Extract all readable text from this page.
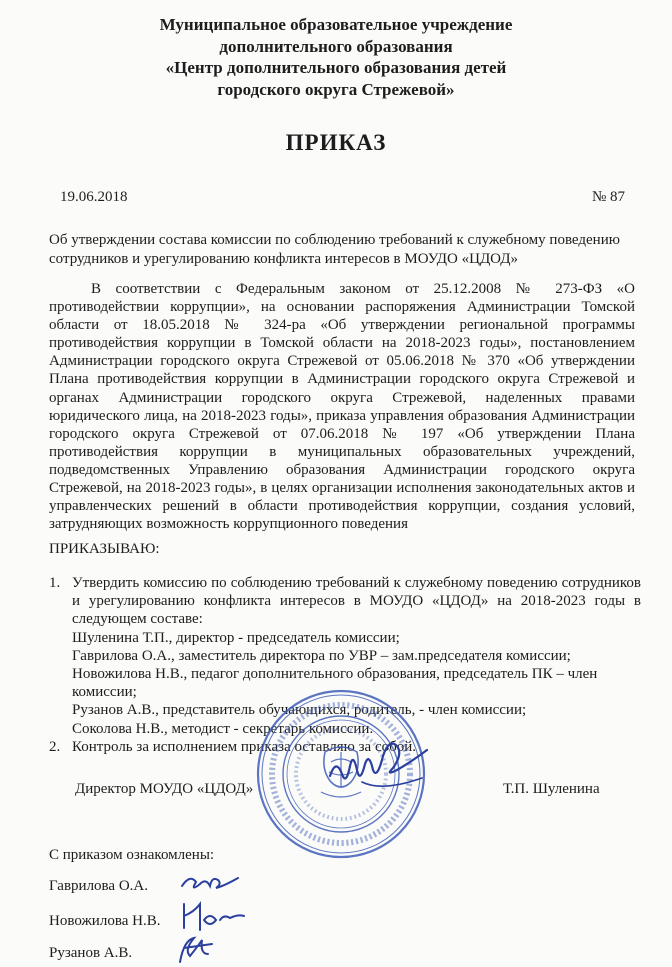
Муниципальное образовательное учреждение
дополнительного образования
«Центр дополнительного образования детей
городского округа Стрежевой»
ПРИКАЗ
19.06.2018	№ 87
Об утверждении состава комиссии по соблюдению требований к служебному поведению сотрудников и урегулированию конфликта интересов в МОУДО «ЦДОД»
В соответствии с Федеральным законом от 25.12.2008 № 273-ФЗ «О противодействии коррупции», на основании распоряжения Администрации Томской области от 18.05.2018 № 324-ра «Об утверждении региональной программы противодействия коррупции в Томской области на 2018-2023 годы», постановлением Администрации городского округа Стрежевой от 05.06.2018 № 370 «Об утверждении Плана противодействия коррупции в Администрации городского округа Стрежевой и органах Администрации городского округа Стрежевой, наделенных правами юридического лица, на 2018-2023 годы», приказа управления образования Администрации городского округа Стрежевой от 07.06.2018 № 197 «Об утверждении Плана противодействия коррупции в муниципальных образовательных учреждений, подведомственных Управлению образования Администрации городского округа Стрежевой, на 2018-2023 годы», в целях организации исполнения законодательных актов и управленческих решений в области противодействия коррупции, создания условий, затрудняющих возможность коррупционного поведения
ПРИКАЗЫВАЮ:
1. Утвердить комиссию по соблюдению требований к служебному поведению сотрудников и урегулированию конфликта интересов в МОУДО «ЦДОД» на 2018-2023 годы в следующем составе:
Шуленина Т.П., директор - председатель комиссии;
Гаврилова О.А., заместитель директора по УВР – зам.председателя комиссии;
Новожилова Н.В., педагог дополнительного образования, председатель ПК – член комиссии;
Рузанов А.В., представитель обучающихся, родитель, - член комиссии;
Соколова Н.В., методист - секретарь комиссии.
2. Контроль за исполнением приказа оставляю за собой.
Директор МОУДО «ЦДОД»	Т.П. Шуленина
С приказом ознакомлены:
Гаврилова О.А.
Новожилова Н.В.
Рузанов А.В.
